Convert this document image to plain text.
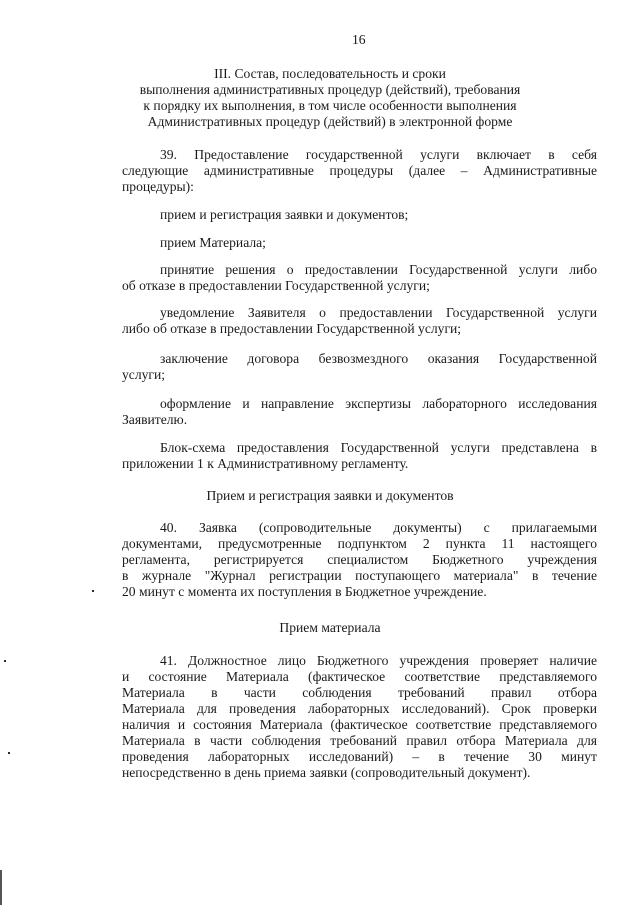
16
III. Состав, последовательность и сроки
выполнения административных процедур (действий), требования
к порядку их выполнения, в том числе особенности выполнения
Административных процедур (действий) в электронной форме
39. Предоставление государственной услуги включает в себя
следующие административные процедуры (далее – Административные
процедуры):
прием и регистрация заявки и документов;
прием Материала;
принятие решения о предоставлении Государственной услуги либо
об отказе в предоставлении Государственной услуги;
уведомление Заявителя о предоставлении Государственной услуги
либо об отказе в предоставлении Государственной услуги;
заключение договора безвозмездного оказания Государственной
услуги;
оформление и направление экспертизы лабораторного исследования
Заявителю.
Блок-схема предоставления Государственной услуги представлена в
приложении 1 к Административному регламенту.
Прием и регистрация заявки и документов
40. Заявка (сопроводительные документы) с прилагаемыми
документами, предусмотренные подпунктом 2 пункта 11 настоящего
регламента, регистрируется специалистом Бюджетного учреждения
в журнале "Журнал регистрации поступающего материала" в течение
20 минут с момента их поступления в Бюджетное учреждение.
Прием материала
41. Должностное лицо Бюджетного учреждения проверяет наличие
и состояние Материала (фактическое соответствие представляемого
Материала в части соблюдения требований правил отбора
Материала для проведения лабораторных исследований). Срок проверки
наличия и состояния Материала (фактическое соответствие представляемого
Материала в части соблюдения требований правил отбора Материала для
проведения лабораторных исследований) – в течение 30 минут
непосредственно в день приема заявки (сопроводительный документ).
